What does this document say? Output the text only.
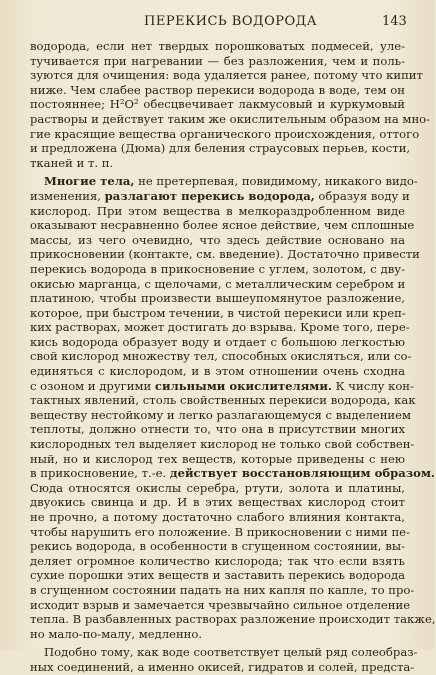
ПЕРЕКИСЬ ВОДОРОДА	143
водорода, если нет твердых порошковатых подмесей, уле-
тучивается при нагревании — без разложения, чем и поль-
зуются для очищения: вода удаляется ранее, потому что кипит
ниже. Чем слабее раствор перекиси водорода в воде, тем он
постояннее; H²O² обесцвечивает лакмусовый и куркумовый
растворы и действует таким же окислительным образом на мно-
гие красящие вещества органического происхождения, оттого
и предложена (Дюма) для беления страусовых перьев, кости,
тканей и т. п.
Многие тела, не претерпевая, повидимому, никакого видо-
изменения, разлагают перекись водорода, образуя воду и
кислород. При этом вещества в мелкораздробленном виде
оказывают несравненно более ясное действие, чем сплошные
массы, из чего очевидно, что здесь действие основано на
прикосновении (контакте, см. введение). Достаточно привести
перекись водорода в прикосновение с углем, золотом, с дву-
окисью марганца, с щелочами, с металлическим серебром и
платиною, чтобы произвести вышеупомянутое разложение,
которое, при быстром течении, в чистой перекиси или креп-
ких растворах, может достигать до взрыва. Кроме того, пере-
кись водорода образует воду и отдает с большою легкостью
свой кислород множеству тел, способных окисляться, или со-
единяться с кислородом, и в этом отношении очень сходна
с озоном и другими сильными окислителями. К числу кон-
тактных явлений, столь свойственных перекиси водорода, как
веществу нестойкому и легко разлагающемуся с выделением
теплоты, должно отнести то, что она в присутствии многих
кислородных тел выделяет кислород не только свой собствен-
ный, но и кислород тех веществ, которые приведены с нею
в прикосновение, т.-е. действует восстановляющим образом.
Сюда относятся окислы серебра, ртути, золота и платины,
двуокись свинца и др. И в этих веществах кислород стоит
не прочно, а потому достаточно слабого влияния контакта,
чтобы нарушить его положение. В прикосновении с ними пе-
рекись водорода, в особенности в сгущенном состоянии, вы-
деляет огромное количество кислорода; так что если взять
сухие порошки этих веществ и заставить перекись водорода
в сгущенном состоянии падать на них капля по капле, то про-
исходит взрыв и замечается чрезвычайно сильное отделение
тепла. В разбавленных растворах разложение происходит также,
но мало-по-малу, медленно.
Подобно тому, как воде соответствует целый ряд солеобраз-
ных соединений, а именно окисей, гидратов и солей, предста-
